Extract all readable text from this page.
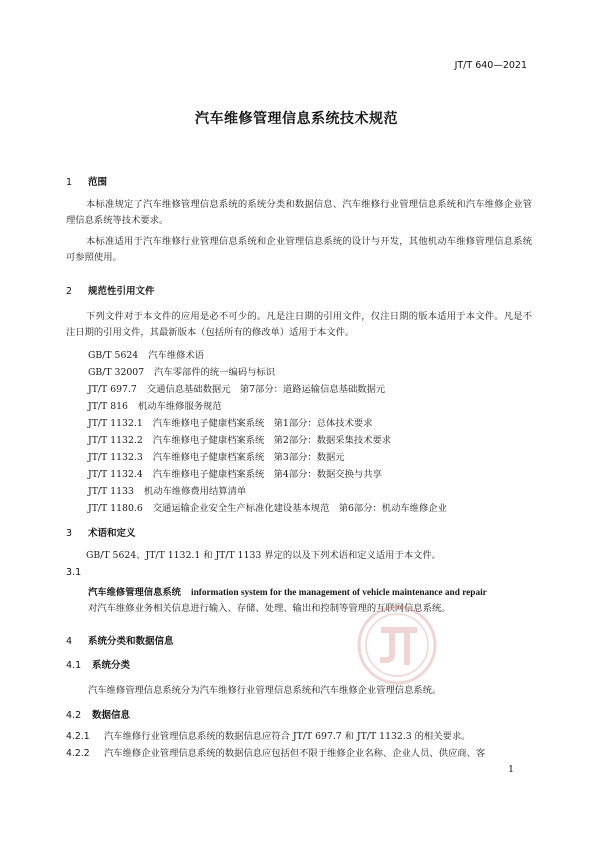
JT/T 640—2021
汽车维修管理信息系统技术规范
1 范围
本标准规定了汽车维修管理信息系统的系统分类和数据信息、汽车维修行业管理信息系统和汽车维修企业管理信息系统等技术要求。
本标准适用于汽车维修行业管理信息系统和企业管理信息系统的设计与开发，其他机动车维修管理信息系统可参照使用。
2 规范性引用文件
下列文件对于本文件的应用是必不可少的。凡是注日期的引用文件，仅注日期的版本适用于本文件。凡是不注日期的引用文件，其最新版本（包括所有的修改单）适用于本文件。
GB/T 5624 汽车维修术语
GB/T 32007 汽车零部件的统一编码与标识
JT/T 697.7 交通信息基础数据元　第7部分：道路运输信息基础数据元
JT/T 816 机动车维修服务规范
JT/T 1132.1 汽车维修电子健康档案系统　第1部分：总体技术要求
JT/T 1132.2 汽车维修电子健康档案系统　第2部分：数据采集技术要求
JT/T 1132.3 汽车维修电子健康档案系统　第3部分：数据元
JT/T 1132.4 汽车维修电子健康档案系统　第4部分：数据交换与共享
JT/T 1133 机动车维修费用结算清单
JT/T 1180.6 交通运输企业安全生产标准化建设基本规范　第6部分：机动车维修企业
3 术语和定义
GB/T 5624、JT/T 1132.1 和 JT/T 1133 界定的以及下列术语和定义适用于本文件。
3.1
汽车维修管理信息系统 information system for the management of vehicle maintenance and repair
对汽车维修业务相关信息进行输入、存储、处理、输出和控制等管理的互联网信息系统。
4 系统分类和数据信息
4.1 系统分类
汽车维修管理信息系统分为汽车维修行业管理信息系统和汽车维修企业管理信息系统。
4.2 数据信息
4.2.1 汽车维修行业管理信息系统的数据信息应符合 JT/T 697.7 和 JT/T 1132.3 的相关要求。
4.2.2 汽车维修企业管理信息系统的数据信息应包括但不限于维修企业名称、企业人员、供应商、客
1
